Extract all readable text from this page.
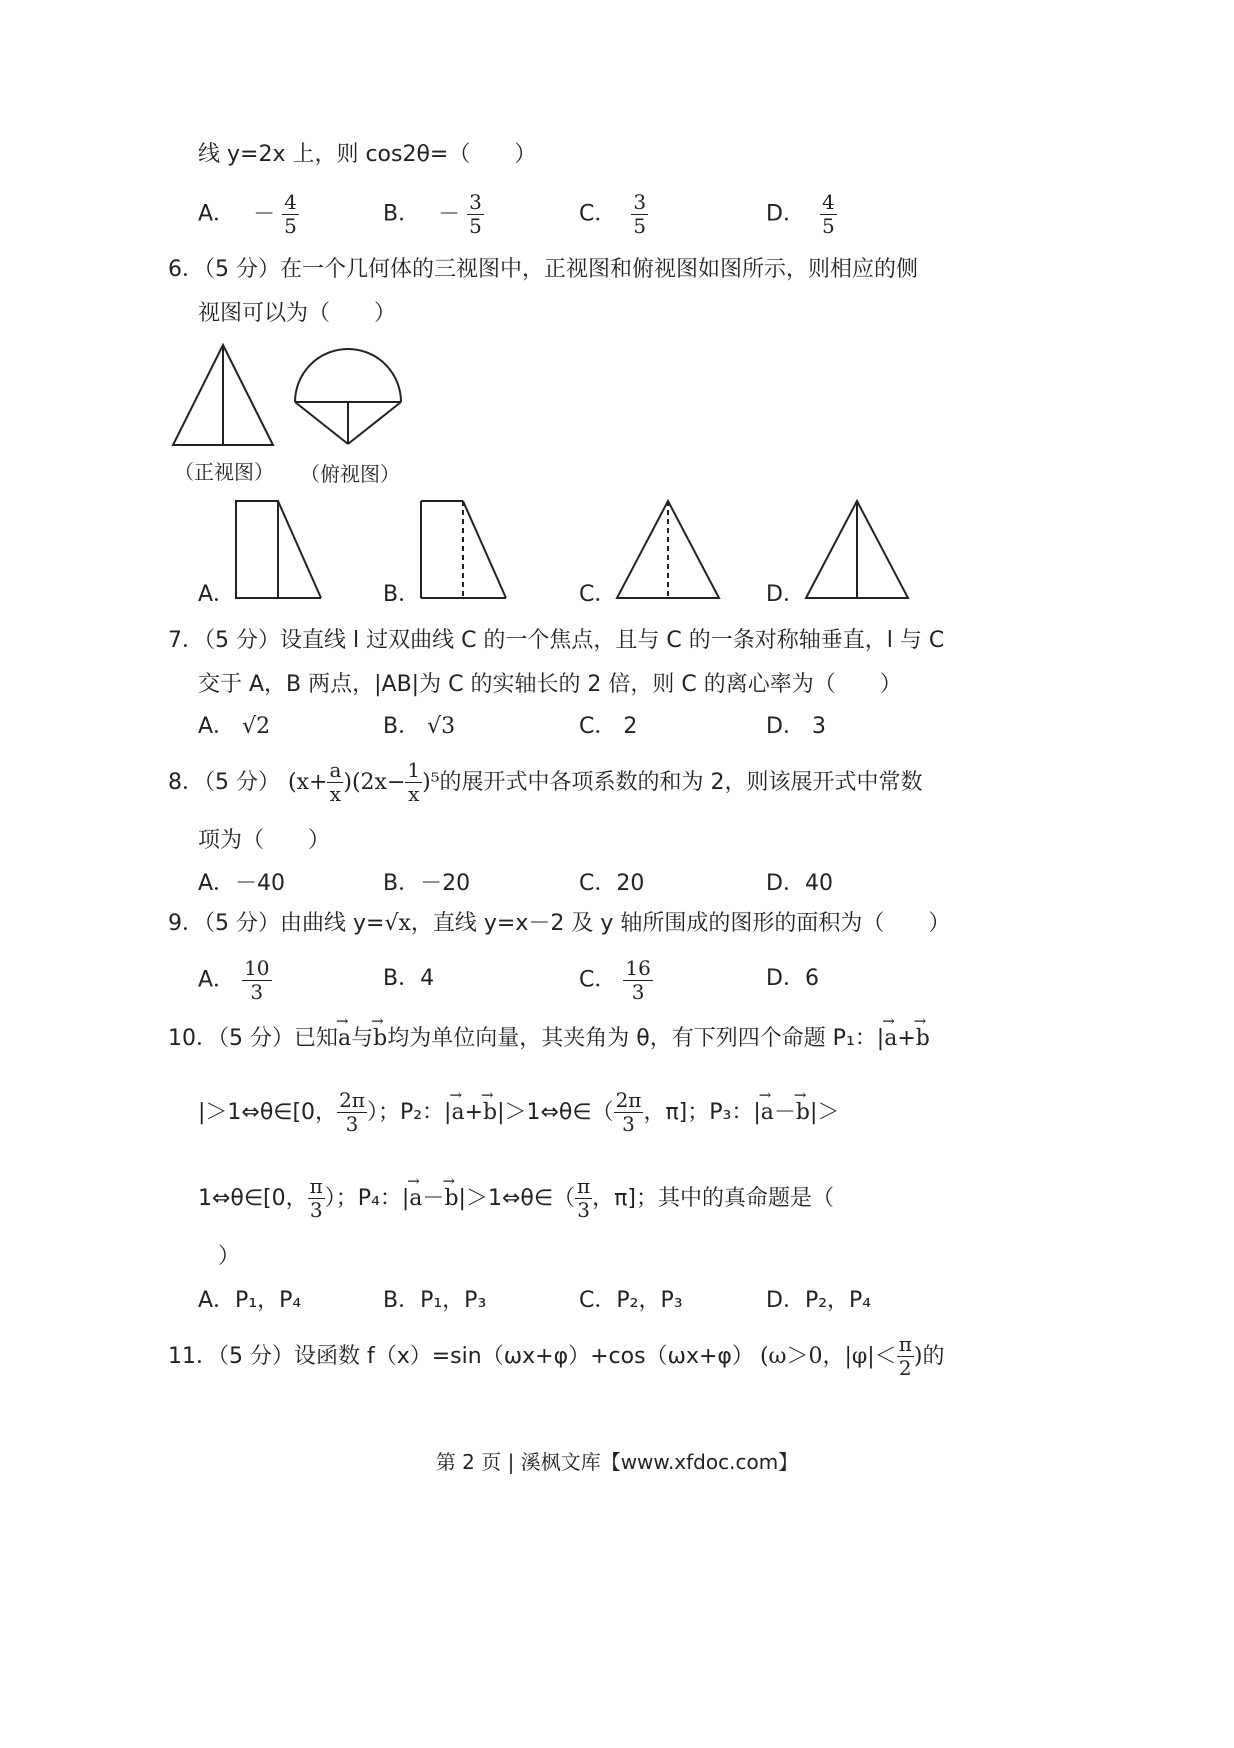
线 y=2x 上，则 cos2θ=（　　）
A． － $\frac{4}{5}$	B． － $\frac{3}{5}$	C． $\frac{3}{5}$	D． $\frac{4}{5}$
6．（5 分）在一个几何体的三视图中，正视图和俯视图如图所示，则相应的侧
视图可以为（　　）
（正视图） （俯视图）
A．	B．	C．	D．
7．（5 分）设直线 l 过双曲线 C 的一个焦点，且与 C 的一条对称轴垂直，l 与 C
交于 A，B 两点，|AB|为 C 的实轴长的 2 倍，则 C 的离心率为（　　）
A． √2	B． √3	C． 2	D． 3
8．（5 分） $(x+ \frac{a}{x} )(2x- \frac{1}{x} )^5$ 的展开式中各项系数的和为 2，则该展开式中常数
项为（　　）
A．－40	B．－20	C．20	D．40
9．（5 分）由曲线 y=√x，直线 y=x－2 及 y 轴所围成的图形的面积为（　　）
A． $\frac{10}{3}$	B．4	C． $\frac{16}{3}$	D．6
10．（5 分）已知→ a与→ b均为单位向量，其夹角为 θ，有下列四个命题 P₁：|→ a+→ b
|＞1⇔θ∈[0， $\frac{2\pi}{3}$ ）；P₂：| → a + → b |＞1⇔θ∈（ $\frac{2\pi}{3}$ ，π]；P₃：| → a － → b |＞
1⇔θ∈[0， $\frac{\pi}{3}$ ）；P₄：| → a － → b |＞1⇔θ∈（ $\frac{\pi}{3}$ ，π]；其中的真命题是（
）
A．P₁，P₄	B．P₁，P₃	C．P₂，P₃	D．P₂，P₄
11．（5 分）设函数 f（x）=sin（ωx+φ）+cos（ωx+φ） (ω＞0，$|\varphi|< \frac{\pi}{2}$ ) 的
第 2 页 | 溪枫文库【www.xfdoc.com】
